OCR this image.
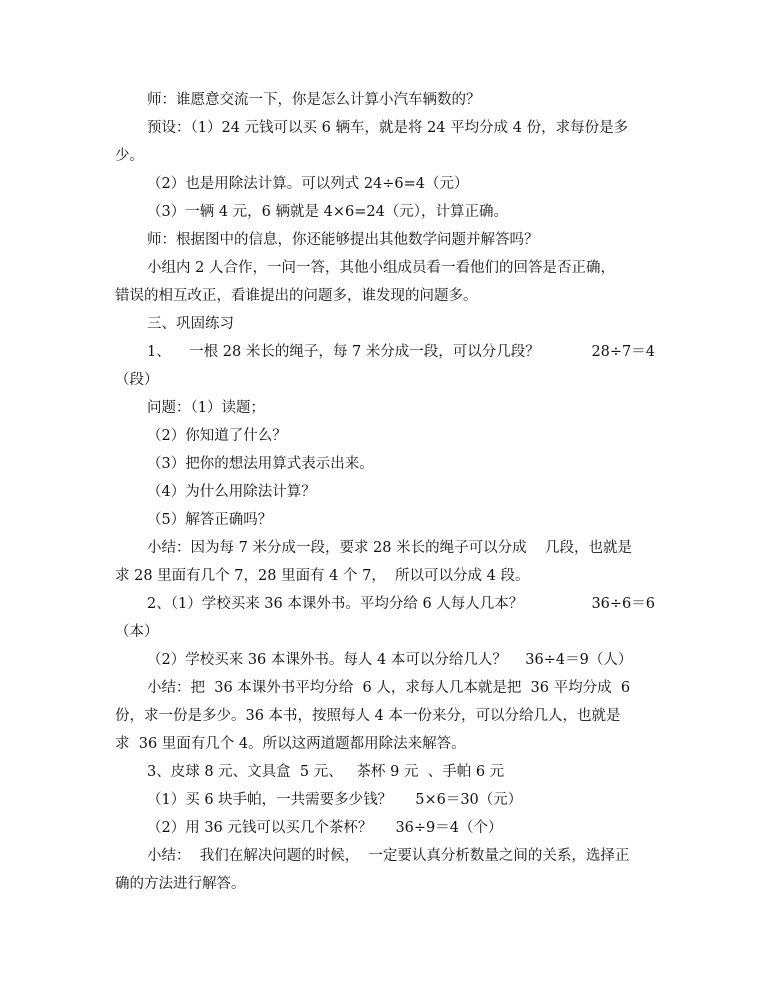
师：谁愿意交流一下，你是怎么计算小汽车辆数的？
预设：（1）24 元钱可以买 6 辆车，就是将 24 平均分成 4 份，求每份是多
少。
（2）也是用除法计算。可以列式 24÷6=4（元）
（3）一辆 4 元，6 辆就是 4×6=24（元），计算正确。
师：根据图中的信息，你还能够提出其他数学问题并解答吗？
小组内 2 人合作，一问一答，其他小组成员看一看他们的回答是否正确，
错误的相互改正，看谁提出的问题多，谁发现的问题多。
三、巩固练习
1、    一根 28 米长的绳子，每 7 米分成一段，可以分几段？	28÷7＝4
（段）
问题：（1）读题；
（2）你知道了什么？
（3）把你的想法用算式表示出来。
（4）为什么用除法计算？
（5）解答正确吗？
小结：因为每 7 米分成一段，要求 28 米长的绳子可以分成    几段，也就是
求 28 里面有几个 7，28 里面有 4 个 7，  所以可以分成 4 段。
2、（1）学校买来 36 本课外书。平均分给 6 人每人几本？	36÷6＝6
（本）
（2）学校买来 36 本课外书。每人 4 本可以分给几人？    36÷4＝9（人）
小结：把  36 本课外书平均分给  6 人，求每人几本就是把  36 平均分成  6
份，求一份是多少。36 本书，按照每人 4 本一份来分，可以分给几人，也就是
求  36 里面有几个 4。所以这两道题都用除法来解答。
3、皮球 8 元、文具盒  5 元、   茶杯 9 元  、手帕 6 元
（1）买 6 块手帕，一共需要多少钱？     5×6＝30（元）
（2）用 36 元钱可以买几个茶杯？     36÷9＝4（个）
小结：  我们在解决问题的时候，  一定要认真分析数量之间的关系，选择正
确的方法进行解答。
